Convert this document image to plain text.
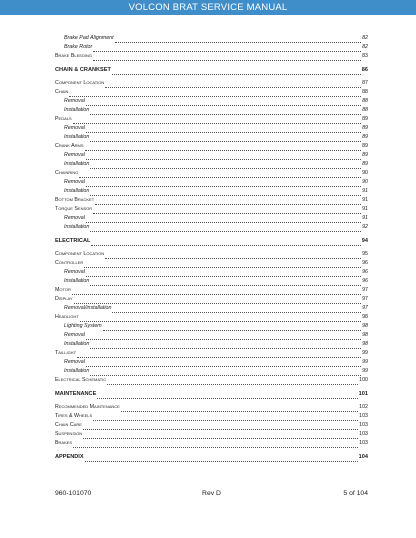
VOLCON BRAT SERVICE MANUAL
Brake Pad Alignment	82
Brake Rotor	82
Brake Bleeding	83
CHAIN & CRANKSET	86
Component Location	87
Chain	88
Removal	88
Installation	88
Pedals	89
Removal	89
Installation	89
Crank Arms	89
Removal	89
Installation	89
Chainring	90
Removal	90
Installation	91
Bottom Bracket	91
Torque Sensor	91
Removal	91
Installation	92
ELECTRICAL	94
Component Location	95
Controller	96
Removal	96
Installation	96
Motor	97
Display	97
Removal/installation	97
Headlight	98
Lighting System	98
Removal	98
Installation	98
Taillight	99
Removal	99
Installation	99
Electrical Schematic	100
MAINTENANCE	101
Recommended Maintenance	102
Tires & Wheels	103
Chain Care	103
Suspension	103
Brakes	103
APPENDIX	104
960-101070	Rev D	5 of 104
